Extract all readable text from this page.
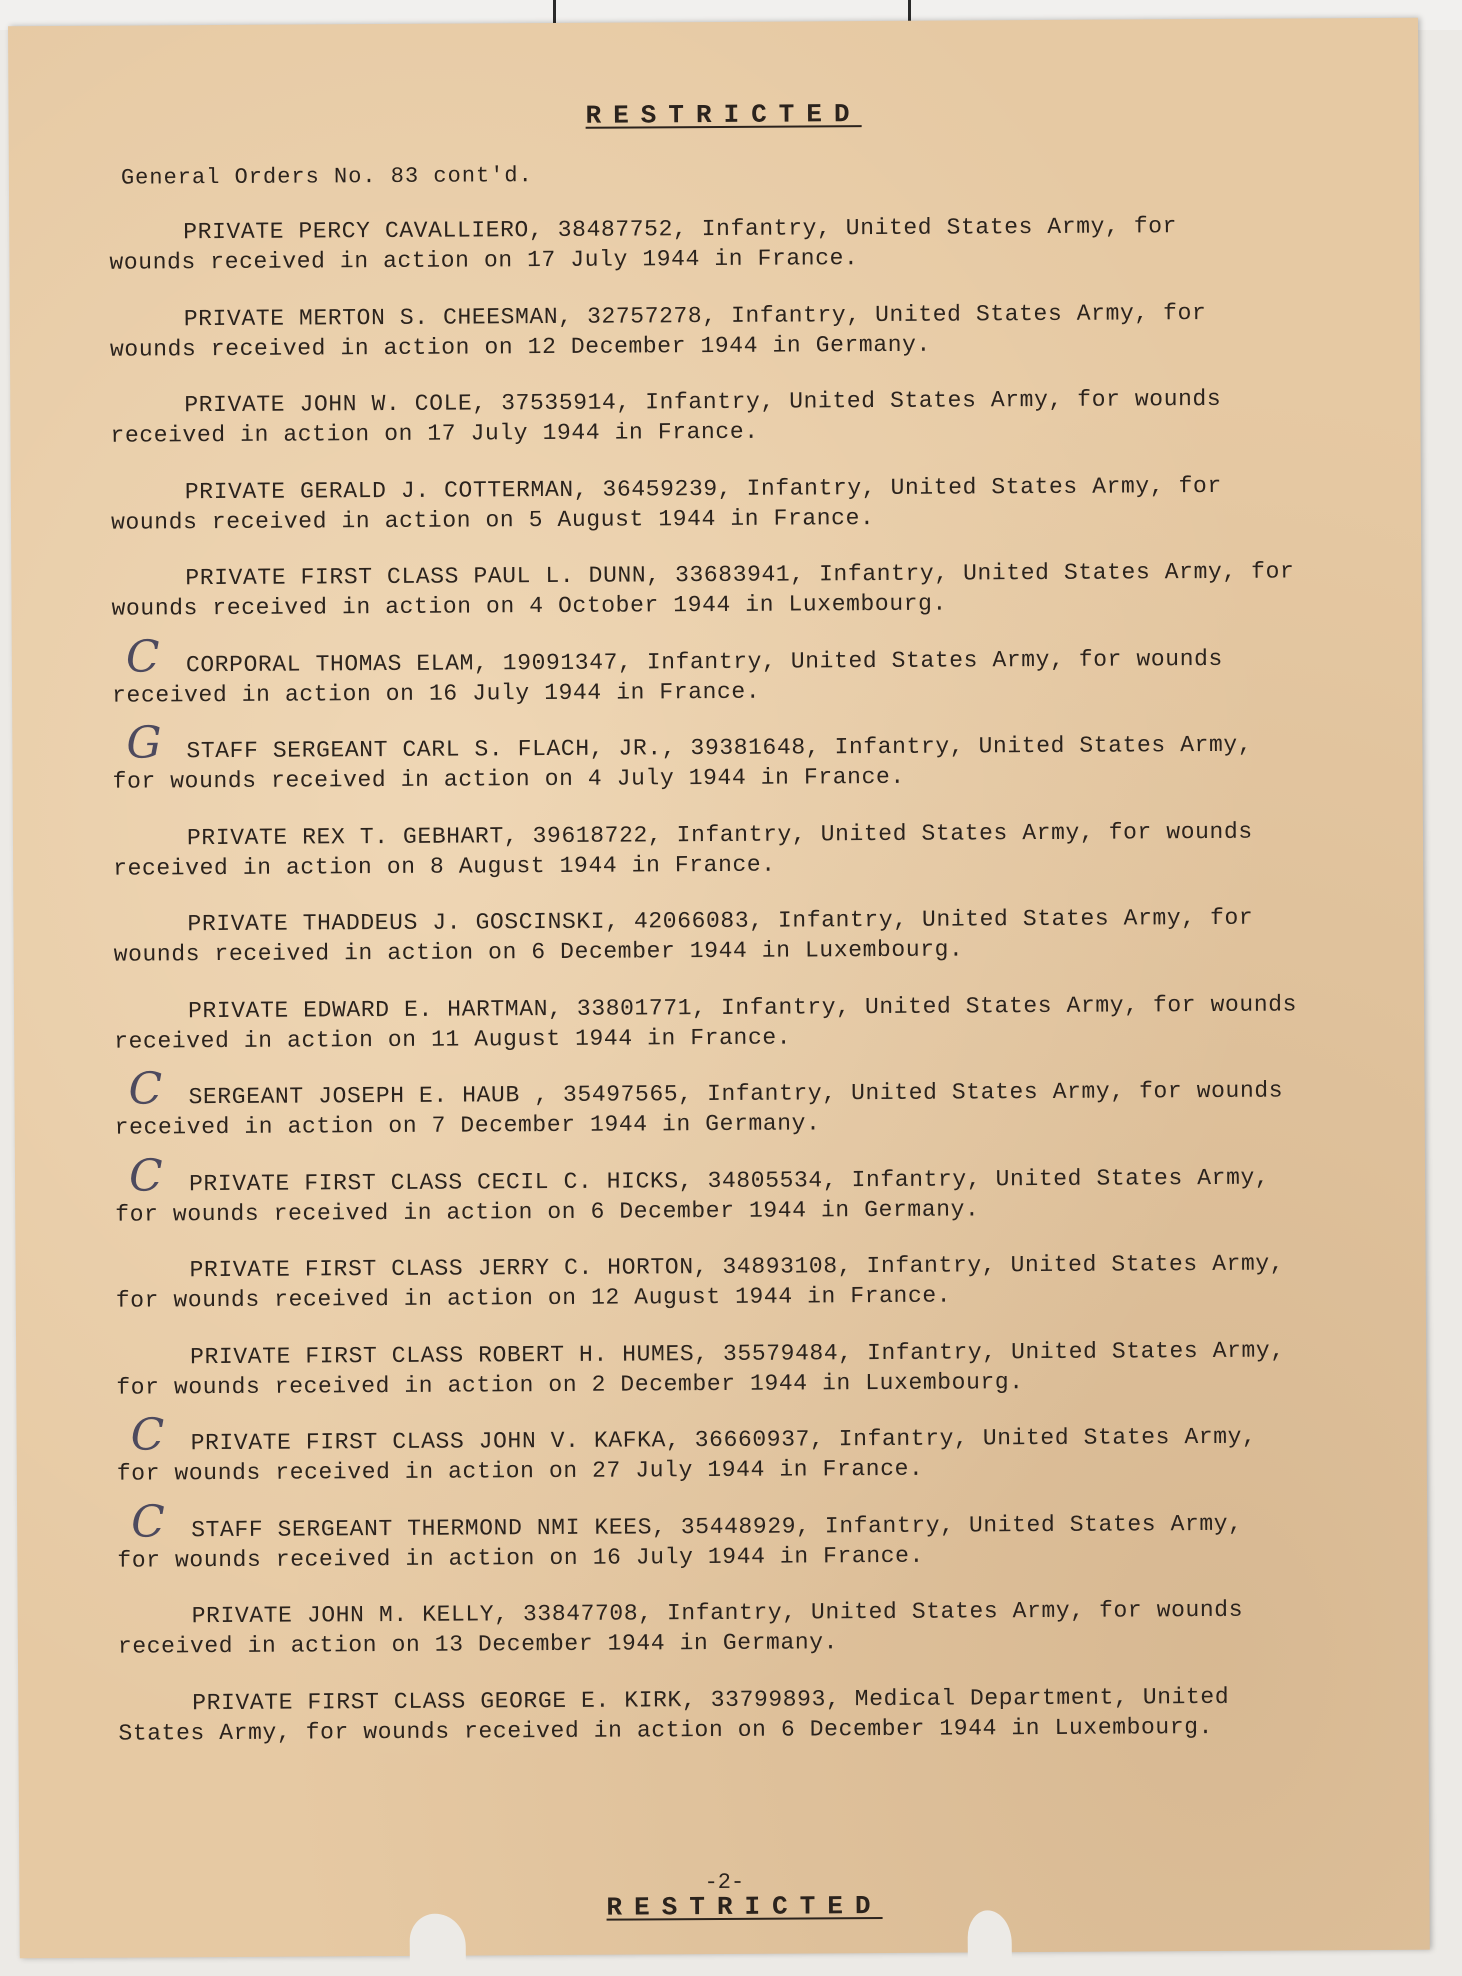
RESTRICTED
General Orders No. 83 cont'd.
PRIVATE PERCY CAVALLIERO, 38487752, Infantry, United States Army, for
wounds received in action on 17 July 1944 in France.
PRIVATE MERTON S. CHEESMAN, 32757278, Infantry, United States Army, for
wounds received in action on 12 December 1944 in Germany.
PRIVATE JOHN W. COLE, 37535914, Infantry, United States Army, for wounds
received in action on 17 July 1944 in France.
PRIVATE GERALD J. COTTERMAN, 36459239, Infantry, United States Army, for
wounds received in action on 5 August 1944 in France.
PRIVATE FIRST CLASS PAUL L. DUNN, 33683941, Infantry, United States Army, for
wounds received in action on 4 October 1944 in Luxembourg.
C	CORPORAL THOMAS ELAM, 19091347, Infantry, United States Army, for wounds
received in action on 16 July 1944 in France.
G	STAFF SERGEANT CARL S. FLACH, JR., 39381648, Infantry, United States Army,
for wounds received in action on 4 July 1944 in France.
PRIVATE REX T. GEBHART, 39618722, Infantry, United States Army, for wounds
received in action on 8 August 1944 in France.
PRIVATE THADDEUS J. GOSCINSKI, 42066083, Infantry, United States Army, for
wounds received in action on 6 December 1944 in Luxembourg.
PRIVATE EDWARD E. HARTMAN, 33801771, Infantry, United States Army, for wounds
received in action on 11 August 1944 in France.
C	SERGEANT JOSEPH E. HAUB , 35497565, Infantry, United States Army, for wounds
received in action on 7 December 1944 in Germany.
C	PRIVATE FIRST CLASS CECIL C. HICKS, 34805534, Infantry, United States Army,
for wounds received in action on 6 December 1944 in Germany.
PRIVATE FIRST CLASS JERRY C. HORTON, 34893108, Infantry, United States Army,
for wounds received in action on 12 August 1944 in France.
PRIVATE FIRST CLASS ROBERT H. HUMES, 35579484, Infantry, United States Army,
for wounds received in action on 2 December 1944 in Luxembourg.
C	PRIVATE FIRST CLASS JOHN V. KAFKA, 36660937, Infantry, United States Army,
for wounds received in action on 27 July 1944 in France.
C	STAFF SERGEANT THERMOND NMI KEES, 35448929, Infantry, United States Army,
for wounds received in action on 16 July 1944 in France.
PRIVATE JOHN M. KELLY, 33847708, Infantry, United States Army, for wounds
received in action on 13 December 1944 in Germany.
PRIVATE FIRST CLASS GEORGE E. KIRK, 33799893, Medical Department, United
States Army, for wounds received in action on 6 December 1944 in Luxembourg.
-2-
RESTRICTED
